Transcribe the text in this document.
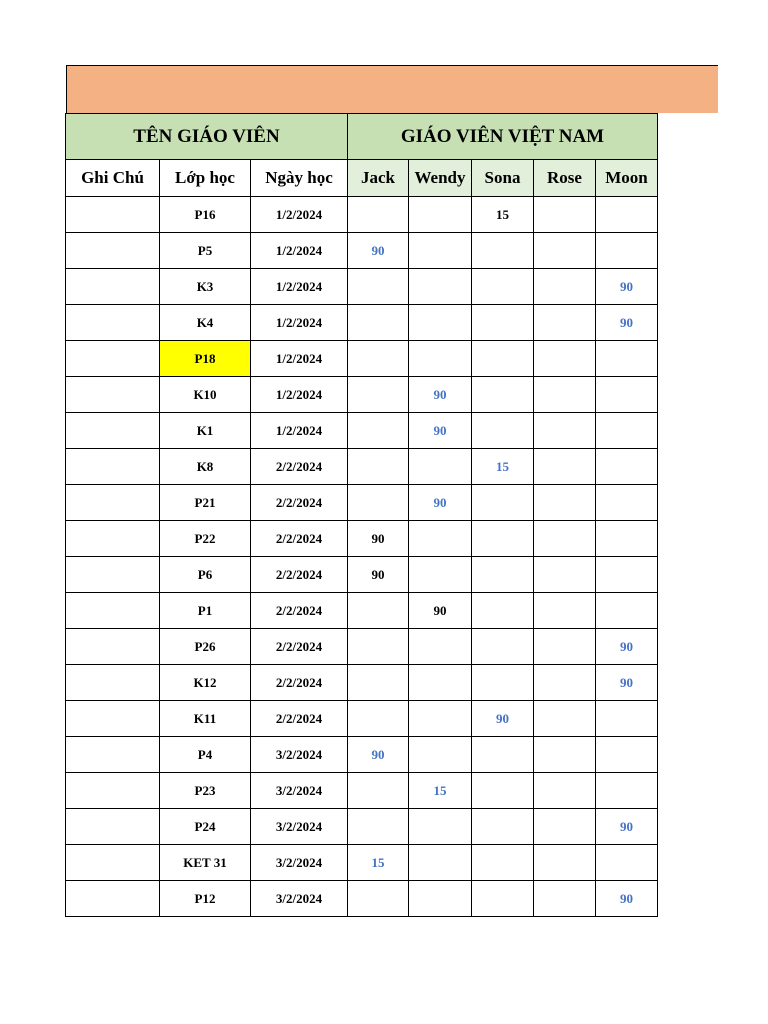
TÊN GIÁO VIÊN			GIÁO VIÊN VIỆT NAM				
Ghi Chú	Lớp học	Ngày học	Jack	Wendy	Sona	Rose	Moon
	P16	1/2/2024			15		
	P5	1/2/2024	90				
	K3	1/2/2024					90
	K4	1/2/2024					90
	P18	1/2/2024					
	K10	1/2/2024		90			
	K1	1/2/2024		90			
	K8	2/2/2024			15		
	P21	2/2/2024		90			
	P22	2/2/2024	90				
	P6	2/2/2024	90				
	P1	2/2/2024		90			
	P26	2/2/2024					90
	K12	2/2/2024					90
	K11	2/2/2024			90		
	P4	3/2/2024	90				
	P23	3/2/2024		15			
	P24	3/2/2024					90
	KET 31	3/2/2024	15				
	P12	3/2/2024					90
